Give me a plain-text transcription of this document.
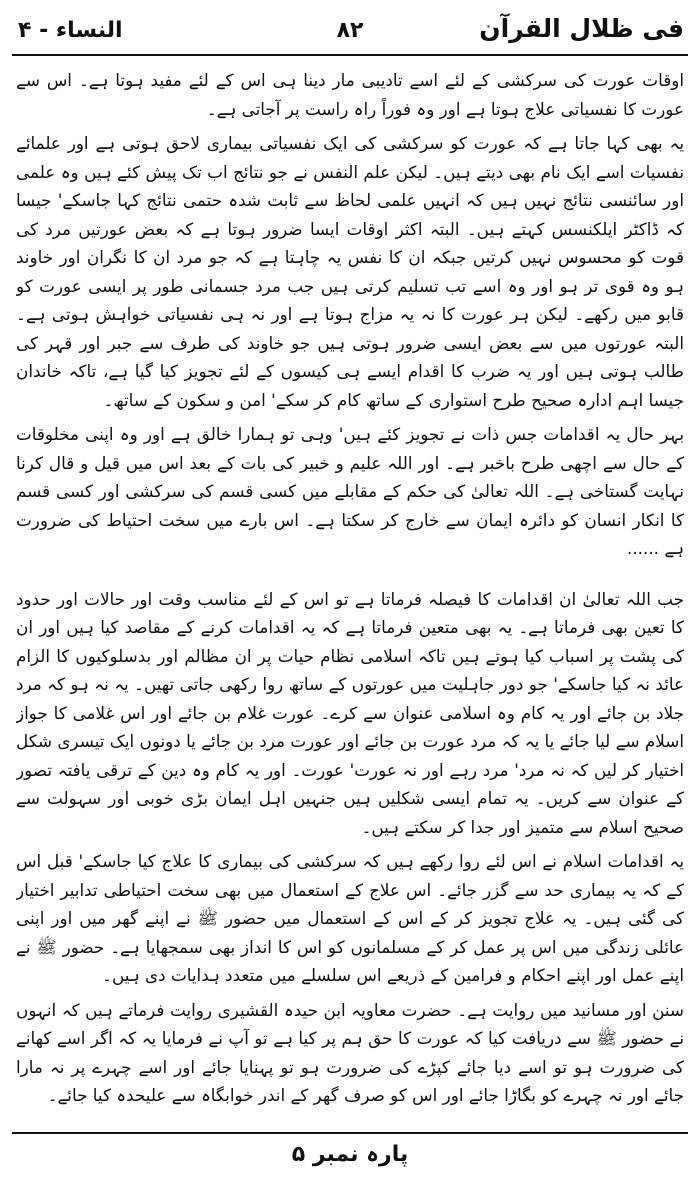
فی ظلال القرآن
۸۲
النساء - ۴

اوقات عورت کی سرکشی کے لئے اسے تادیبی مار دینا ہی اس کے لئے مفید ہوتا ہے۔ اس سے عورت کا نفسیاتی علاج ہوتا ہے اور وہ فوراً راہ راست پر آجاتی ہے۔

یہ بھی کہا جاتا ہے کہ عورت کو سرکشی کی ایک نفسیاتی بیماری لاحق ہوتی ہے اور علمائے نفسیات اسے ایک نام بھی دیتے ہیں۔ لیکن علم النفس نے جو نتائج اب تک پیش کئے ہیں وہ علمی اور سائنسی نتائج نہیں ہیں کہ انہیں علمی لحاظ سے ثابت شدہ حتمی نتائج کہا جاسکے' جیسا کہ ڈاکٹر ایلکنسس کہتے ہیں۔ البتہ اکثر اوقات ایسا ضرور ہوتا ہے کہ بعض عورتیں مرد کی قوت کو محسوس نہیں کرتیں جبکہ ان کا نفس یہ چاہتا ہے کہ جو مرد ان کا نگران اور خاوند ہو وہ قوی تر ہو اور وہ اسے تب تسلیم کرتی ہیں جب مرد جسمانی طور پر ایسی عورت کو قابو میں رکھے۔ لیکن ہر عورت کا نہ یہ مزاج ہوتا ہے اور نہ ہی نفسیاتی خواہش ہوتی ہے۔ البتہ عورتوں میں سے بعض ایسی ضرور ہوتی ہیں جو خاوند کی طرف سے جبر اور قہر کی طالب ہوتی ہیں اور یہ ضرب کا اقدام ایسے ہی کیسوں کے لئے تجویز کیا گیا ہے، تاکہ خاندان جیسا اہم ادارہ صحیح طرح استواری کے ساتھ کام کر سکے' امن و سکون کے ساتھ۔

بہر حال یہ اقدامات جس ذات نے تجویز کئے ہیں' وہی تو ہمارا خالق ہے اور وہ اپنی مخلوقات کے حال سے اچھی طرح باخبر ہے۔ اور اللہ علیم و خبیر کی بات کے بعد اس میں قیل و قال کرنا نہایت گستاخی ہے۔ اللہ تعالیٰ کی حکم کے مقابلے میں کسی قسم کی سرکشی اور کسی قسم کا انکار انسان کو دائرہ ایمان سے خارج کر سکتا ہے۔ اس بارے میں سخت احتیاط کی ضرورت ہے ......

جب اللہ تعالیٰ ان اقدامات کا فیصلہ فرماتا ہے تو اس کے لئے مناسب وقت اور حالات اور حدود کا تعین بھی فرماتا ہے۔ یہ بھی متعین فرماتا ہے کہ یہ اقدامات کرنے کے مقاصد کیا ہیں اور ان کی پشت پر اسباب کیا ہوتے ہیں تاکہ اسلامی نظام حیات پر ان مظالم اور بدسلوکیوں کا الزام عائد نہ کیا جاسکے' جو دور جاہلیت میں عورتوں کے ساتھ روا رکھی جاتی تھیں۔ یہ نہ ہو کہ مرد جلاد بن جائے اور یہ کام وہ اسلامی عنوان سے کرے۔ عورت غلام بن جائے اور اس غلامی کا جواز اسلام سے لیا جائے یا یہ کہ مرد عورت بن جائے اور عورت مرد بن جائے یا دونوں ایک تیسری شکل اختیار کر لیں کہ نہ مرد' مرد رہے اور نہ عورت' عورت۔ اور یہ کام وہ دین کے ترقی یافتہ تصور کے عنوان سے کریں۔ یہ تمام ایسی شکلیں ہیں جنہیں اہل ایمان بڑی خوبی اور سہولت سے صحیح اسلام سے متمیز اور جدا کر سکتے ہیں۔

یہ اقدامات اسلام نے اس لئے روا رکھے ہیں کہ سرکشی کی بیماری کا علاج کیا جاسکے' قبل اس کے کہ یہ بیماری حد سے گزر جائے۔ اس علاج کے استعمال میں بھی سخت احتیاطی تدابیر اختیار کی گئی ہیں۔ یہ علاج تجویز کر کے اس کے استعمال میں حضور ﷺ نے اپنے گھر میں اور اپنی عائلی زندگی میں اس پر عمل کر کے مسلمانوں کو اس کا انداز بھی سمجھایا ہے۔ حضور ﷺ نے اپنے عمل اور اپنے احکام و فرامین کے ذریعے اس سلسلے میں متعدد ہدایات دی ہیں۔

سنن اور مسانید میں روایت ہے۔ حضرت معاویہ ابن حیدہ القشیری روایت فرماتے ہیں کہ انہوں نے حضور ﷺ سے دریافت کیا کہ عورت کا حق ہم پر کیا ہے تو آپ نے فرمایا یہ کہ اگر اسے کھانے کی ضرورت ہو تو اسے دیا جائے کپڑے کی ضرورت ہو تو پہنایا جائے اور اسے چہرے پر نہ مارا جائے اور نہ چہرے کو بگاڑا جائے اور اس کو صرف گھر کے اندر خوابگاہ سے علیحدہ کیا جائے۔

پارہ نمبر ۵
